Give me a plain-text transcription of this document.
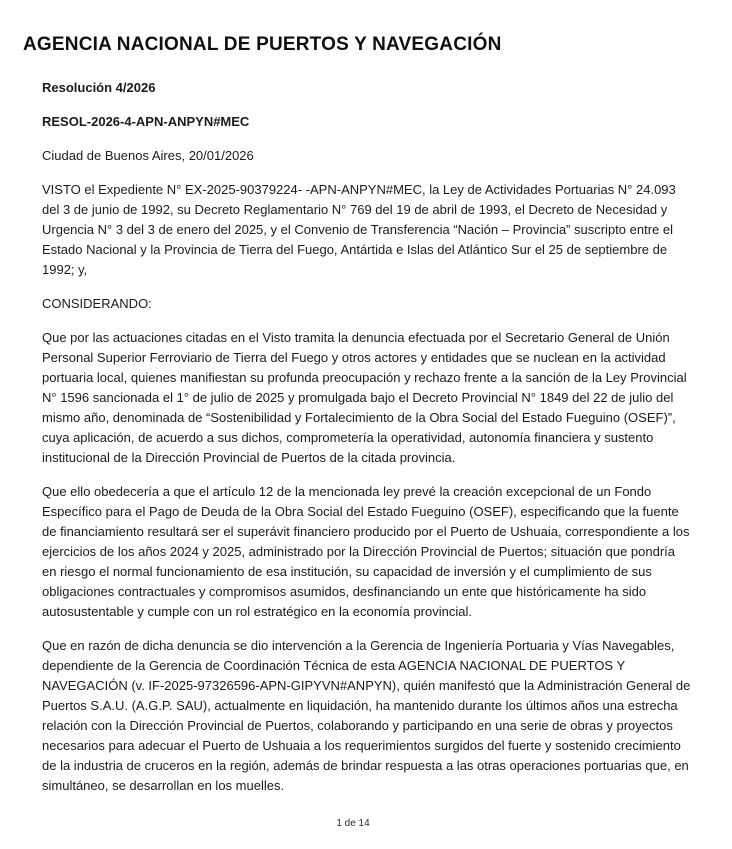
AGENCIA NACIONAL DE PUERTOS Y NAVEGACIÓN

Resolución 4/2026

RESOL-2026-4-APN-ANPYN#MEC

Ciudad de Buenos Aires, 20/01/2026

VISTO el Expediente N° EX-2025-90379224- -APN-ANPYN#MEC, la Ley de Actividades Portuarias N° 24.093 del 3 de junio de 1992, su Decreto Reglamentario N° 769 del 19 de abril de 1993, el Decreto de Necesidad y Urgencia N° 3 del 3 de enero del 2025, y el Convenio de Transferencia “Nación – Provincia” suscripto entre el Estado Nacional y la Provincia de Tierra del Fuego, Antártida e Islas del Atlántico Sur el 25 de septiembre de 1992; y,

CONSIDERANDO:

Que por las actuaciones citadas en el Visto tramita la denuncia efectuada por el Secretario General de Unión Personal Superior Ferroviario de Tierra del Fuego y otros actores y entidades que se nuclean en la actividad portuaria local, quienes manifiestan su profunda preocupación y rechazo frente a la sanción de la Ley Provincial N° 1596 sancionada el 1° de julio de 2025 y promulgada bajo el Decreto Provincial N° 1849 del 22 de julio del mismo año, denominada de “Sostenibilidad y Fortalecimiento de la Obra Social del Estado Fueguino (OSEF)”, cuya aplicación, de acuerdo a sus dichos, comprometería la operatividad, autonomía financiera y sustento institucional de la Dirección Provincial de Puertos de la citada provincia.

Que ello obedecería a que el artículo 12 de la mencionada ley prevé la creación excepcional de un Fondo Específico para el Pago de Deuda de la Obra Social del Estado Fueguino (OSEF), especificando que la fuente de financiamiento resultará ser el superávit financiero producido por el Puerto de Ushuaia, correspondiente a los ejercicios de los años 2024 y 2025, administrado por la Dirección Provincial de Puertos; situación que pondría en riesgo el normal funcionamiento de esa institución, su capacidad de inversión y el cumplimiento de sus obligaciones contractuales y compromisos asumidos, desfinanciando un ente que históricamente ha sido autosustentable y cumple con un rol estratégico en la economía provincial.

Que en razón de dicha denuncia se dio intervención a la Gerencia de Ingeniería Portuaria y Vías Navegables, dependiente de la Gerencia de Coordinación Técnica de esta AGENCIA NACIONAL DE PUERTOS Y NAVEGACIÓN (v. IF-2025-97326596-APN-GIPYVN#ANPYN), quién manifestó que la Administración General de Puertos S.A.U. (A.G.P. SAU), actualmente en liquidación, ha mantenido durante los últimos años una estrecha relación con la Dirección Provincial de Puertos, colaborando y participando en una serie de obras y proyectos necesarios para adecuar el Puerto de Ushuaia a los requerimientos surgidos del fuerte y sostenido crecimiento de la industria de cruceros en la región, además de brindar respuesta a las otras operaciones portuarias que, en simultáneo, se desarrollan en los muelles.

1 de 14
